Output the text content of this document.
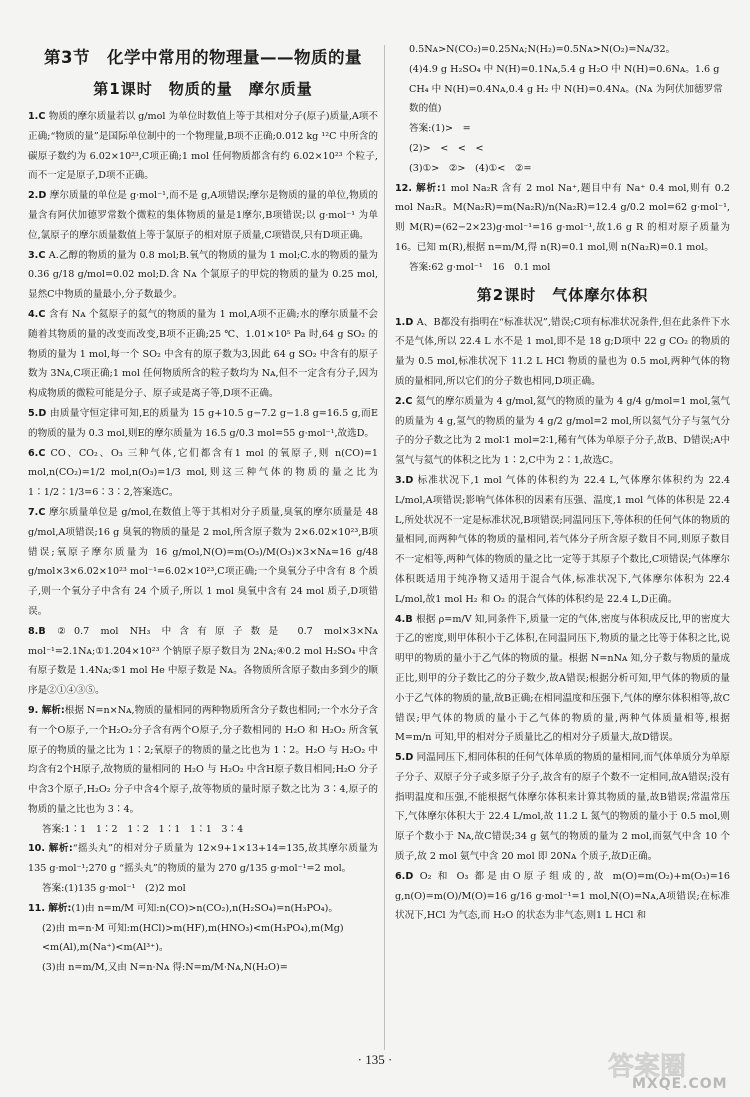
第3节　化学中常用的物理量——物质的量
第1课时　物质的量　摩尔质量

1.C 物质的摩尔质量若以 g/mol 为单位时数值上等于其相对分子(原子)质量,A项不正确;“物质的量”是国际单位制中的一个物理量,B项不正确;0.012 kg ¹²C 中所含的碳原子数约为 6.02×10²³,C项正确;1 mol 任何物质都含有约 6.02×10²³ 个粒子,而不一定是原子,D项不正确。

2.D 摩尔质量的单位是 g·mol⁻¹,而不是 g,A项错误;摩尔是物质的量的单位,物质的量含有阿伏加德罗常数个微粒的集体物质的量是1摩尔,B项错误;以 g·mol⁻¹ 为单位,氯原子的摩尔质量数值上等于氯原子的相对原子质量,C项错误,只有D项正确。

3.C A.乙醇的物质的量为 0.8 mol;B.氧气的物质的量为 1 mol;C.水的物质的量为 0.36 g/18 g/mol=0.02 mol;D.含 Nᴀ 个氯原子的甲烷的物质的量为 0.25 mol,显然C中物质的量最小,分子数最少。

4.C 含有 Nᴀ 个氦原子的氦气的物质的量为 1 mol,A项不正确;水的摩尔质量不会随着其物质的量的改变而改变,B项不正确;25 ℃、1.01×10⁵ Pa 时,64 g SO₂ 的物质的量为 1 mol,每一个 SO₂ 中含有的原子数为3,因此 64 g SO₂ 中含有的原子数为 3Nᴀ,C项正确;1 mol 任何物质所含的粒子数均为 Nᴀ,但不一定含有分子,因为构成物质的微粒可能是分子、原子或是离子等,D项不正确。

5.D 由质量守恒定律可知,E的质量为 15 g+10.5 g−7.2 g−1.8 g=16.5 g,而E的物质的量为 0.3 mol,则E的摩尔质量为 16.5 g/0.3 mol=55 g·mol⁻¹,故选D。

6.C CO、CO₂、O₃ 三种气体,它们都含有1 mol 的氧原子,则 n(CO)=1 mol,n(CO₂)=1/2 mol,n(O₃)=1/3 mol,则这三种气体的物质的量之比为 1∶1/2∶1/3=6∶3∶2,答案选C。

7.C 摩尔质量单位是 g/mol,在数值上等于其相对分子质量,臭氧的摩尔质量是 48 g/mol,A项错误;16 g 臭氧的物质的量是 2 mol,所含原子数为 2×6.02×10²³,B项错误;氧原子摩尔质量为 16 g/mol,N(O)=m(O₃)/M(O₃)×3×Nᴀ=16 g/48 g/mol×3×6.02×10²³ mol⁻¹=6.02×10²³,C项正确;一个臭氧分子中含有 8 个质子,则一个氧分子中含有 24 个质子,所以 1 mol 臭氧中含有 24 mol 质子,D项错误。

8.B ②0.7 mol NH₃ 中含有原子数是 0.7 mol×3×Nᴀ mol⁻¹=2.1Nᴀ;①1.204×10²³ 个钠原子原子数目为 2Nᴀ;④0.2 mol H₂SO₄ 中含有原子数是 1.4Nᴀ;⑤1 mol He 中原子数是 Nᴀ。各物质所含原子数由多到少的顺序是②①④③⑤。

9. 解析:根据 N=n×Nᴀ,物质的量相同的两种物质所含分子数也相同;一个水分子含有一个O原子,一个H₂O₂分子含有两个O原子,分子数相同的 H₂O 和 H₂O₂ 所含氧原子的物质的量之比为 1∶2;氧原子的物质的量之比也为 1∶2。H₂O 与 H₂O₂ 中均含有2个H原子,故物质的量相同的 H₂O 与 H₂O₂ 中含H原子数目相同;H₂O 分子中含3个原子,H₂O₂ 分子中含4个原子,故等物质的量时原子数之比为 3∶4,原子的物质的量之比也为 3∶4。

答案:1∶1　1∶2　1∶2　1∶1　1∶1　3∶4

10. 解析:“摇头丸”的相对分子质量为 12×9+1×13+14=135,故其摩尔质量为 135 g·mol⁻¹;270 g “摇头丸”的物质的量为 270 g/135 g·mol⁻¹=2 mol。

答案:(1)135 g·mol⁻¹　(2)2 mol

11. 解析:(1)由 n=m/M 可知:n(CO)>n(CO₂),n(H₂SO₄)=n(H₃PO₄)。

(2)由 m=n·M 可知:m(HCl)>m(HF),m(HNO₃)<m(H₃PO₄),m(Mg)<m(Al),m(Na⁺)<m(Al³⁺)。

(3)由 n=m/M,又由 N=n·Nᴀ 得:N=m/M·Nᴀ,N(H₂O)=

0.5Nᴀ>N(CO₂)=0.25Nᴀ;N(H₂)=0.5Nᴀ>N(O₂)=Nᴀ/32。

(4)4.9 g H₂SO₄ 中 N(H)=0.1Nᴀ,5.4 g H₂O 中 N(H)=0.6Nᴀ。1.6 g CH₄ 中 N(H)=0.4Nᴀ,0.4 g H₂ 中 N(H)=0.4Nᴀ。(Nᴀ 为阿伏加德罗常数的值)

答案:(1)>　=

(2)>　<　<　<

(3)①>　②>　(4)①<　②=

12. 解析:1 mol Na₂R 含有 2 mol Na⁺,题目中有 Na⁺ 0.4 mol,则有 0.2 mol Na₂R。M(Na₂R)=m(Na₂R)/n(Na₂R)=12.4 g/0.2 mol=62 g·mol⁻¹,则 M(R)=(62−2×23)g·mol⁻¹=16 g·mol⁻¹,故1.6 g R 的相对原子质量为16。已知 m(R),根据 n=m/M,得 n(R)=0.1 mol,则 n(Na₂R)=0.1 mol。

答案:62 g·mol⁻¹　16　0.1 mol

第2课时　气体摩尔体积

1.D A、B都没有指明在“标准状况”,错误;C项有标准状况条件,但在此条件下水不是气体,所以 22.4 L 水不是 1 mol,即不是 18 g;D项中 22 g CO₂ 的物质的量为 0.5 mol,标准状况下 11.2 L HCl 物质的量也为 0.5 mol,两种气体的物质的量相同,所以它们的分子数也相同,D项正确。

2.C 氦气的摩尔质量为 4 g/mol,氦气的物质的量为 4 g/4 g/mol=1 mol,氢气的质量为 4 g,氢气的物质的量为 4 g/2 g/mol=2 mol,所以氦气分子与氢气分子的分子数之比为 2 mol∶1 mol=2∶1,稀有气体为单原子分子,故B、D错误;A中氢气与氦气的体积之比为 1∶2,C中为 2∶1,故选C。

3.D 标准状况下,1 mol 气体的体积约为 22.4 L,气体摩尔体积约为 22.4 L/mol,A项错误;影响气体体积的因素有压强、温度,1 mol 气体的体积是 22.4 L,所处状况不一定是标准状况,B项错误;同温同压下,等体积的任何气体的物质的量相同,而两种气体的物质的量相同,若气体分子所含原子数目不同,则原子数目不一定相等,两种气体的物质的量之比一定等于其原子个数比,C项错误;气体摩尔体积既适用于纯净物又适用于混合气体,标准状况下,气体摩尔体积为 22.4 L/mol,故1 mol H₂ 和 O₂ 的混合气体的体积约是 22.4 L,D正确。

4.B 根据 ρ=m/V 知,同条件下,质量一定的气体,密度与体积成反比,甲的密度大于乙的密度,则甲体积小于乙体积,在同温同压下,物质的量之比等于体积之比,说明甲的物质的量小于乙气体的物质的量。根据 N=nNᴀ 知,分子数与物质的量成正比,则甲的分子数比乙的分子数少,故A错误;根据分析可知,甲气体的物质的量小于乙气体的物质的量,故B正确;在相同温度和压强下,气体的摩尔体积相等,故C错误;甲气体的物质的量小于乙气体的物质的量,两种气体质量相等,根据 M=m/n 可知,甲的相对分子质量比乙的相对分子质量大,故D错误。

5.D 同温同压下,相同体积的任何气体单质的物质的量相同,而气体单质分为单原子分子、双原子分子或多原子分子,故含有的原子个数不一定相同,故A错误;没有指明温度和压强,不能根据气体摩尔体积来计算其物质的量,故B错误;常温常压下,气体摩尔体积大于 22.4 L/mol,故 11.2 L 氮气的物质的量小于 0.5 mol,则原子个数小于 Nᴀ,故C错误;34 g 氨气的物质的量为 2 mol,而氨气中含 10 个质子,故 2 mol 氨气中含 20 mol 即 20Nᴀ 个质子,故D正确。

6.D O₂ 和 O₃ 都是由O原子组成的,故 m(O)=m(O₂)+m(O₃)=16 g,n(O)=m(O)/M(O)=16 g/16 g·mol⁻¹=1 mol,N(O)=Nᴀ,A项错误;在标准状况下,HCl 为气态,而 H₂O 的状态为非气态,则1 L HCl 和

· 135 ·	答案圈
MXQE.COM
